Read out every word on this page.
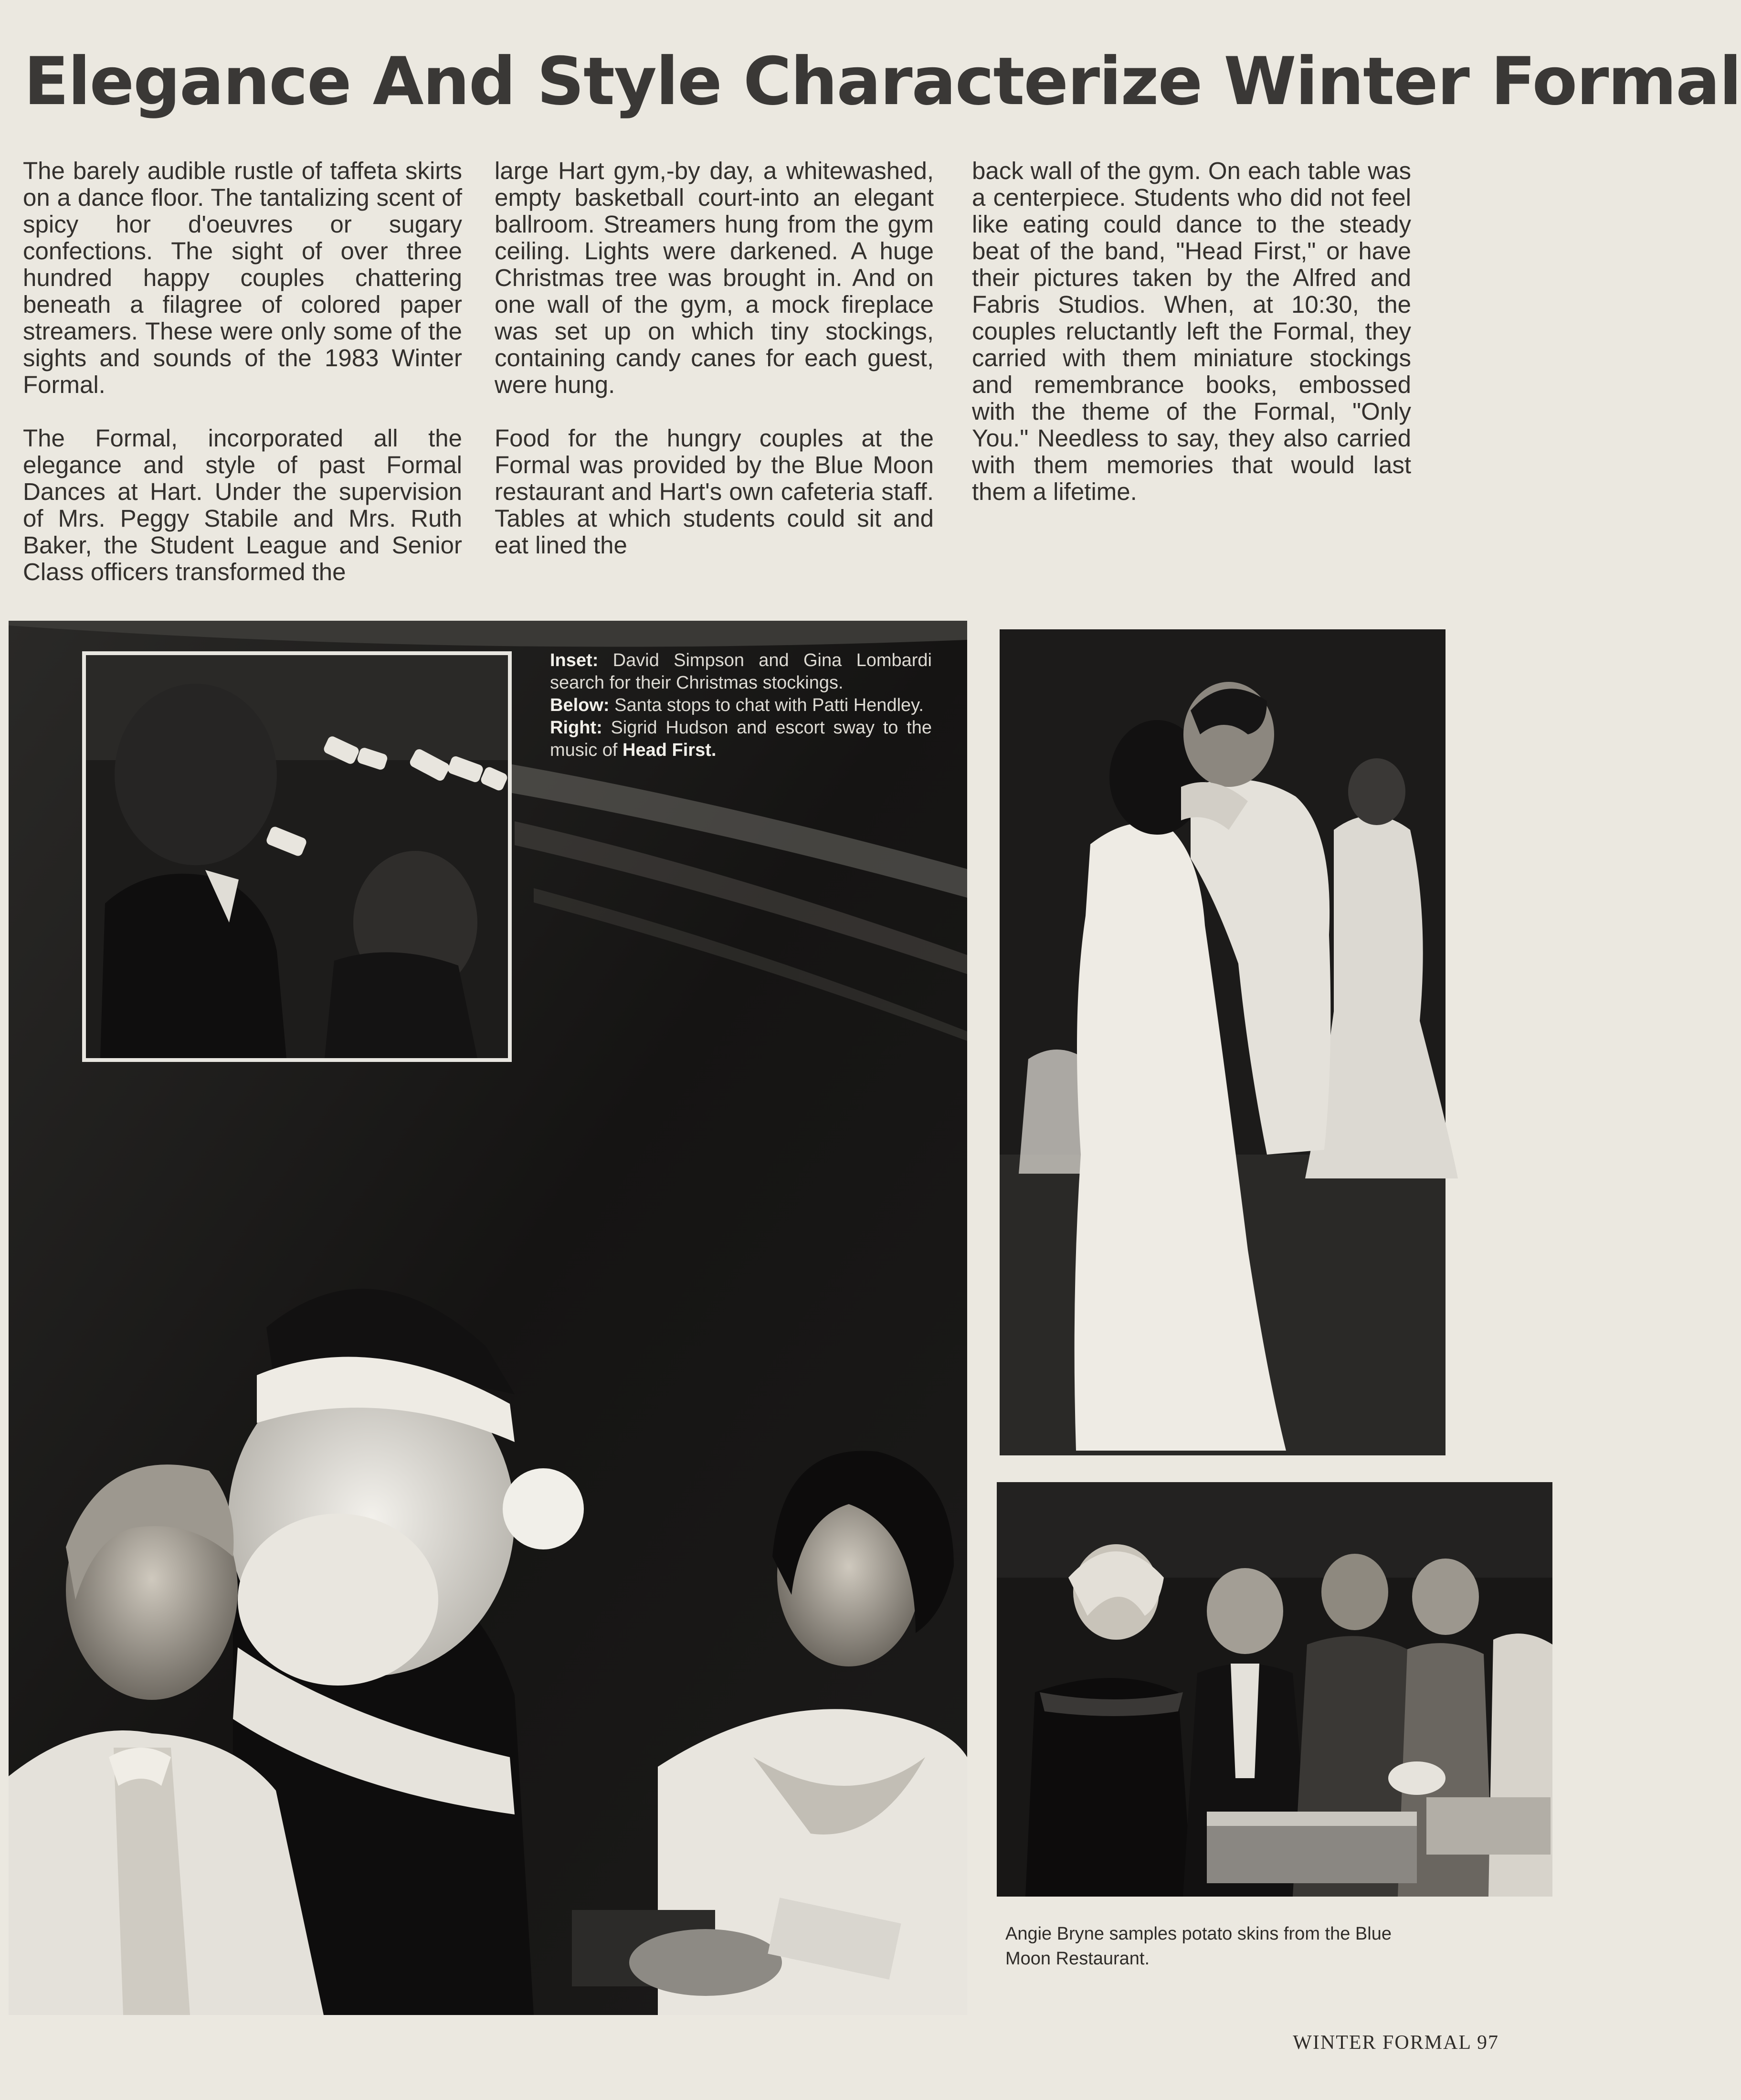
Elegance And Style Characterize Winter Formal

The barely audible rustle of taffeta skirts on a dance floor. The tantalizing scent of spicy hor d'oeuvres or sugary confections. The sight of over three hundred happy couples chattering beneath a filagree of colored paper streamers. These were only some of the sights and sounds of the 1983 Winter Formal.

The Formal, incorporated all the elegance and style of past Formal Dances at Hart. Under the supervision of Mrs. Peggy Stabile and Mrs. Ruth Baker, the Student League and Senior Class officers transformed the

large Hart gym,-by day, a whitewashed, empty basketball court-into an elegant ballroom. Streamers hung from the gym ceiling. Lights were darkened. A huge Christmas tree was brought in. And on one wall of the gym, a mock fireplace was set up on which tiny stockings, containing candy canes for each guest, were hung.

Food for the hungry couples at the Formal was provided by the Blue Moon restaurant and Hart's own cafeteria staff. Tables at which students could sit and eat lined the

back wall of the gym. On each table was a centerpiece. Students who did not feel like eating could dance to the steady beat of the band, "Head First," or have their pictures taken by the Alfred and Fabris Studios. When, at 10:30, the couples reluctantly left the Formal, they carried with them miniature stockings and remembrance books, embossed with the theme of the Formal, "Only You." Needless to say, they also carried with them memories that would last them a lifetime.

Inset: David Simpson and Gina Lombardi search for their Christmas stockings.
Below: Santa stops to chat with Patti Hendley.
Right: Sigrid Hudson and escort sway to the music of Head First.
Angie Bryne samples potato skins from the Blue Moon Restaurant.
WINTER FORMAL 97
